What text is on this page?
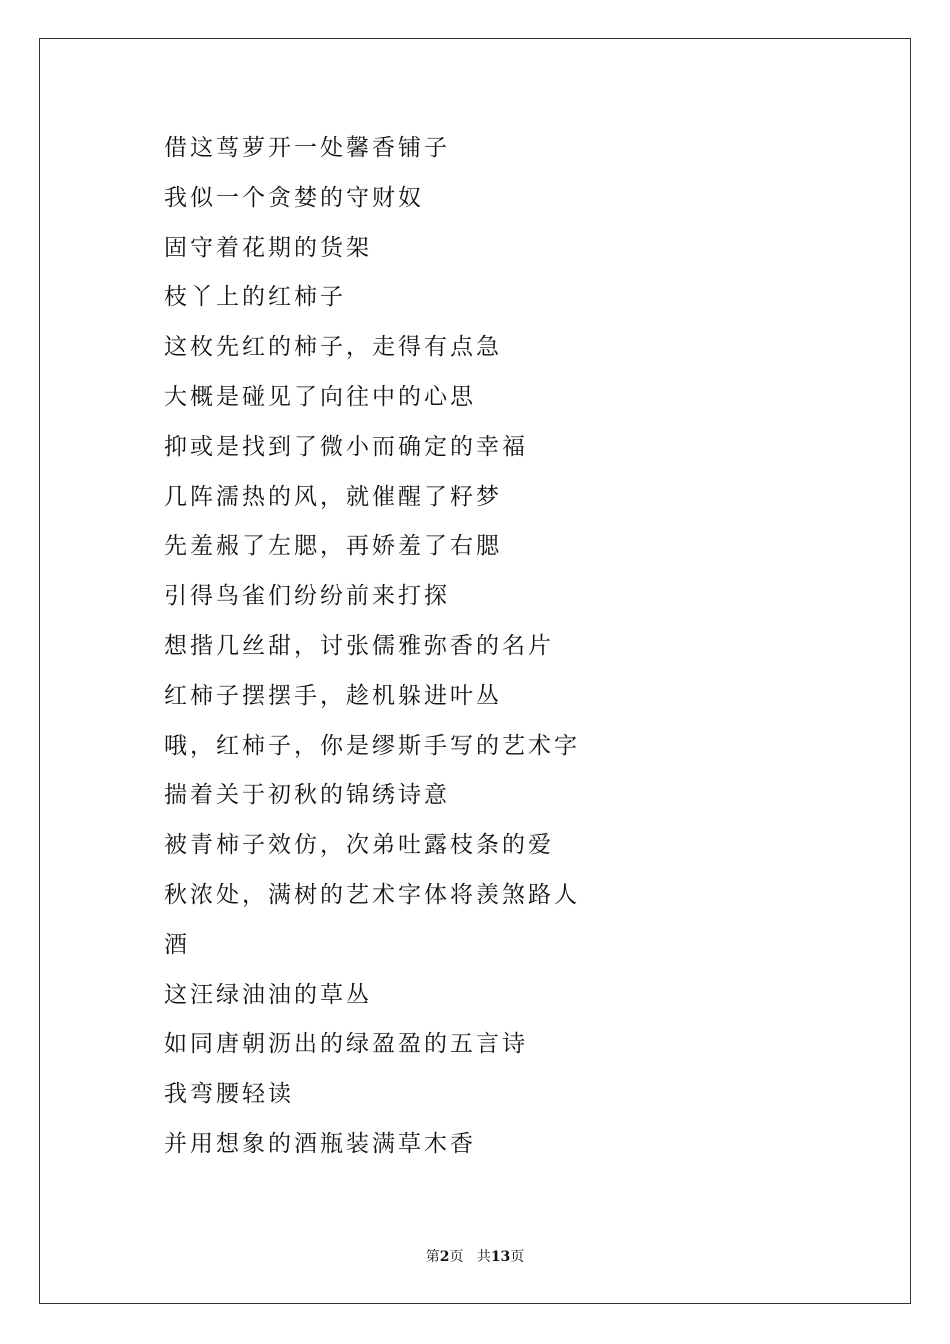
借这茑萝开一处馨香铺子
我似一个贪婪的守财奴
固守着花期的货架
枝丫上的红柿子
这枚先红的柿子，走得有点急
大概是碰见了向往中的心思
抑或是找到了微小而确定的幸福
几阵濡热的风，就催醒了籽梦
先羞赧了左腮，再娇羞了右腮
引得鸟雀们纷纷前来打探
想揩几丝甜，讨张儒雅弥香的名片
红柿子摆摆手，趁机躲进叶丛
哦，红柿子，你是缪斯手写的艺术字
揣着关于初秋的锦绣诗意
被青柿子效仿，次弟吐露枝条的爱
秋浓处，满树的艺术字体将羡煞路人
酒
这汪绿油油的草丛
如同唐朝沥出的绿盈盈的五言诗
我弯腰轻读
并用想象的酒瓶装满草木香
第2页 共13页
